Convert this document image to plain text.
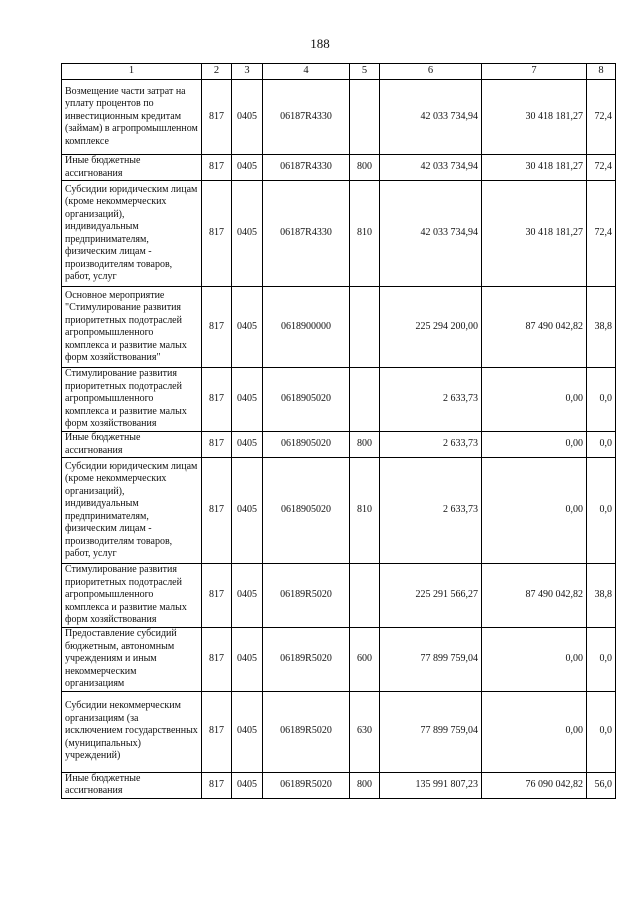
188
1	2	3	4	5	6	7	8
Возмещение части затрат на уплату процентов по инвестиционным кредитам (займам) в агропромышленном комплексе	817	0405	06187R4330		42 033 734,94	30 418 181,27	72,4
Иные бюджетные ассигнования	817	0405	06187R4330	800	42 033 734,94	30 418 181,27	72,4
Субсидии юридическим лицам (кроме некоммерческих организаций), индивидуальным предпринимателям, физическим лицам - производителям товаров, работ, услуг	817	0405	06187R4330	810	42 033 734,94	30 418 181,27	72,4
Основное мероприятие "Стимулирование развития приоритетных подотраслей агропромышленного комплекса и развитие малых форм хозяйствования"	817	0405	0618900000		225 294 200,00	87 490 042,82	38,8
Стимулирование развития приоритетных подотраслей агропромышленного комплекса и развитие малых форм хозяйствования	817	0405	0618905020		2 633,73	0,00	0,0
Иные бюджетные ассигнования	817	0405	0618905020	800	2 633,73	0,00	0,0
Субсидии юридическим лицам (кроме некоммерческих организаций), индивидуальным предпринимателям, физическим лицам - производителям товаров, работ, услуг	817	0405	0618905020	810	2 633,73	0,00	0,0
Стимулирование развития приоритетных подотраслей агропромышленного комплекса и развитие малых форм хозяйствования	817	0405	06189R5020		225 291 566,27	87 490 042,82	38,8
Предоставление субсидий бюджетным, автономным учреждениям и иным некоммерческим организациям	817	0405	06189R5020	600	77 899 759,04	0,00	0,0
Субсидии некоммерческим организациям (за исключением государственных (муниципальных) учреждений)	817	0405	06189R5020	630	77 899 759,04	0,00	0,0
Иные бюджетные ассигнования	817	0405	06189R5020	800	135 991 807,23	76 090 042,82	56,0
